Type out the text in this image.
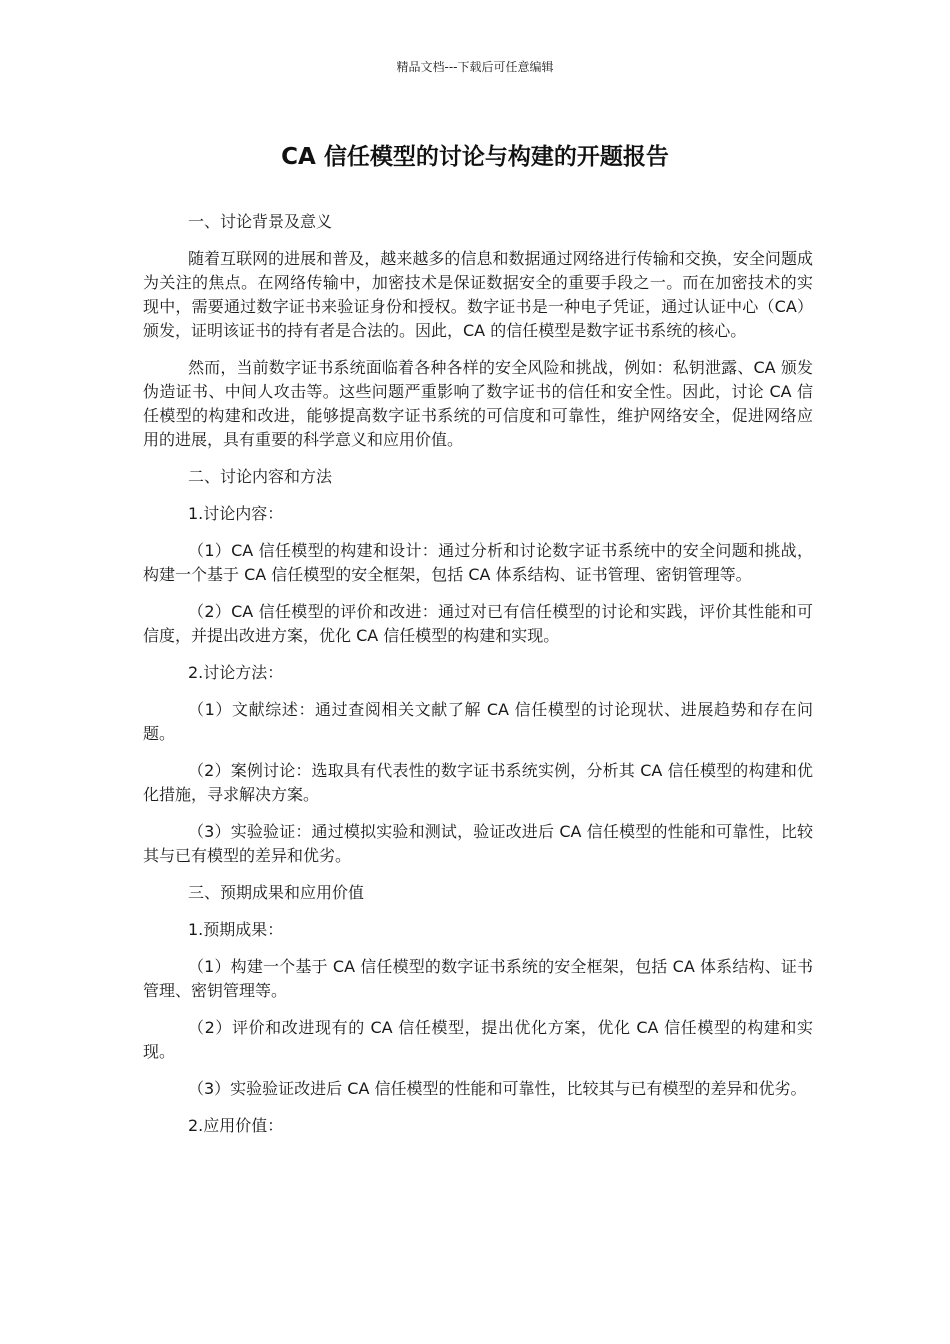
精品文档---下载后可任意编辑
CA 信任模型的讨论与构建的开题报告

一、讨论背景及意义

随着互联网的进展和普及，越来越多的信息和数据通过网络进行传输和交换，安全问题成为关注的焦点。在网络传输中，加密技术是保证数据安全的重要手段之一。而在加密技术的实现中，需要通过数字证书来验证身份和授权。数字证书是一种电子凭证，通过认证中心（CA）颁发，证明该证书的持有者是合法的。因此，CA 的信任模型是数字证书系统的核心。

然而，当前数字证书系统面临着各种各样的安全风险和挑战，例如：私钥泄露、CA 颁发伪造证书、中间人攻击等。这些问题严重影响了数字证书的信任和安全性。因此，讨论 CA 信任模型的构建和改进，能够提高数字证书系统的可信度和可靠性，维护网络安全，促进网络应用的进展，具有重要的科学意义和应用价值。

二、讨论内容和方法

1.讨论内容：

（1）CA 信任模型的构建和设计：通过分析和讨论数字证书系统中的安全问题和挑战，构建一个基于 CA 信任模型的安全框架，包括 CA 体系结构、证书管理、密钥管理等。

（2）CA 信任模型的评价和改进：通过对已有信任模型的讨论和实践，评价其性能和可信度，并提出改进方案，优化 CA 信任模型的构建和实现。

2.讨论方法：

（1）文献综述：通过查阅相关文献了解 CA 信任模型的讨论现状、进展趋势和存在问题。

（2）案例讨论：选取具有代表性的数字证书系统实例，分析其 CA 信任模型的构建和优化措施，寻求解决方案。

（3）实验验证：通过模拟实验和测试，验证改进后 CA 信任模型的性能和可靠性，比较其与已有模型的差异和优劣。

三、预期成果和应用价值

1.预期成果：

（1）构建一个基于 CA 信任模型的数字证书系统的安全框架，包括 CA 体系结构、证书管理、密钥管理等。

（2）评价和改进现有的 CA 信任模型，提出优化方案，优化 CA 信任模型的构建和实现。

（3）实验验证改进后 CA 信任模型的性能和可靠性，比较其与已有模型的差异和优劣。

2.应用价值：
